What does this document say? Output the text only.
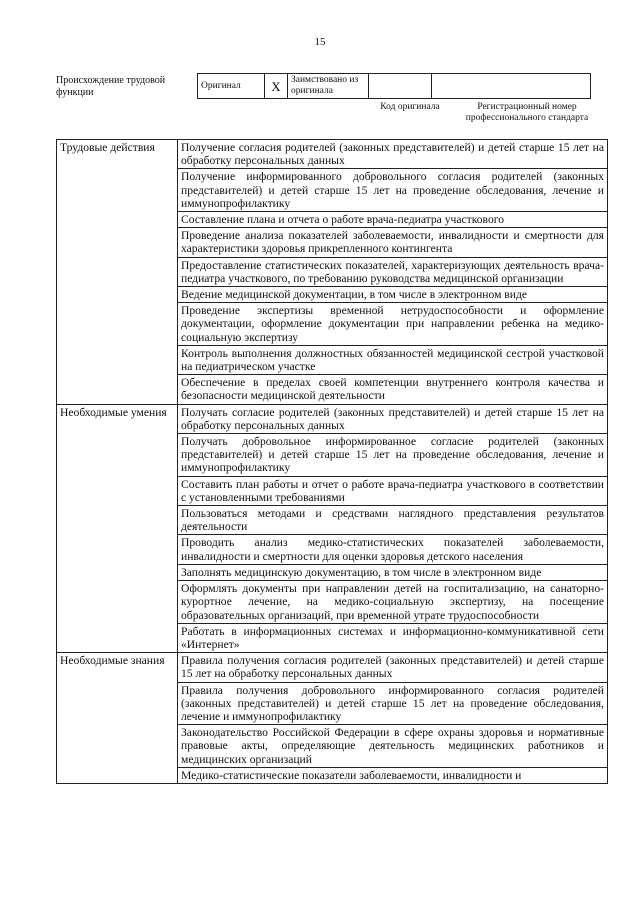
15
Происхождение трудовой функции
Оригинал	X	Заимствовано из оригинала		
Код оригинала	Регистрационный номер профессионального стандарта
Трудовые действия	Получение согласия родителей (законных представителей) и детей старше 15 лет на обработку персональных данных
	Получение информированного добровольного согласия родителей (законных представителей) и детей старше 15 лет на проведение обследования, лечение и иммунопрофилактику
	Составление плана и отчета о работе врача-педиатра участкового
	Проведение анализа показателей заболеваемости, инвалидности и смертности для характеристики здоровья прикрепленного контингента
	Предоставление статистических показателей, характеризующих деятельность врача-педиатра участкового, по требованию руководства медицинской организации
	Ведение медицинской документации, в том числе в электронном виде
	Проведение экспертизы временной нетрудоспособности и оформление документации, оформление документации при направлении ребенка на медико-социальную экспертизу
	Контроль выполнения должностных обязанностей медицинской сестрой участковой на педиатрическом участке
	Обеспечение в пределах своей компетенции внутреннего контроля качества и безопасности медицинской деятельности
Необходимые умения	Получать согласие родителей (законных представителей) и детей старше 15 лет на обработку персональных данных
	Получать добровольное информированное согласие родителей (законных представителей) и детей старше 15 лет на проведение обследования, лечение и иммунопрофилактику
	Составить план работы и отчет о работе врача-педиатра участкового в соответствии с установленными требованиями
	Пользоваться методами и средствами наглядного представления результатов деятельности
	Проводить анализ медико-статистических показателей заболеваемости, инвалидности и смертности для оценки здоровья детского населения
	Заполнять медицинскую документацию, в том числе в электронном виде
	Оформлять документы при направлении детей на госпитализацию, на санаторно-курортное лечение, на медико-социальную экспертизу, на посещение образовательных организаций, при временной утрате трудоспособности
	Работать в информационных системах и информационно-коммуникативной сети «Интернет»
Необходимые знания	Правила получения согласия родителей (законных представителей) и детей старше 15 лет на обработку персональных данных
	Правила получения добровольного информированного согласия родителей (законных представителей) и детей старше 15 лет на проведение обследования, лечение и иммунопрофилактику
	Законодательство Российской Федерации в сфере охраны здоровья и нормативные правовые акты, определяющие деятельность медицинских работников и медицинских организаций
	Медико-статистические показатели заболеваемости, инвалидности и
